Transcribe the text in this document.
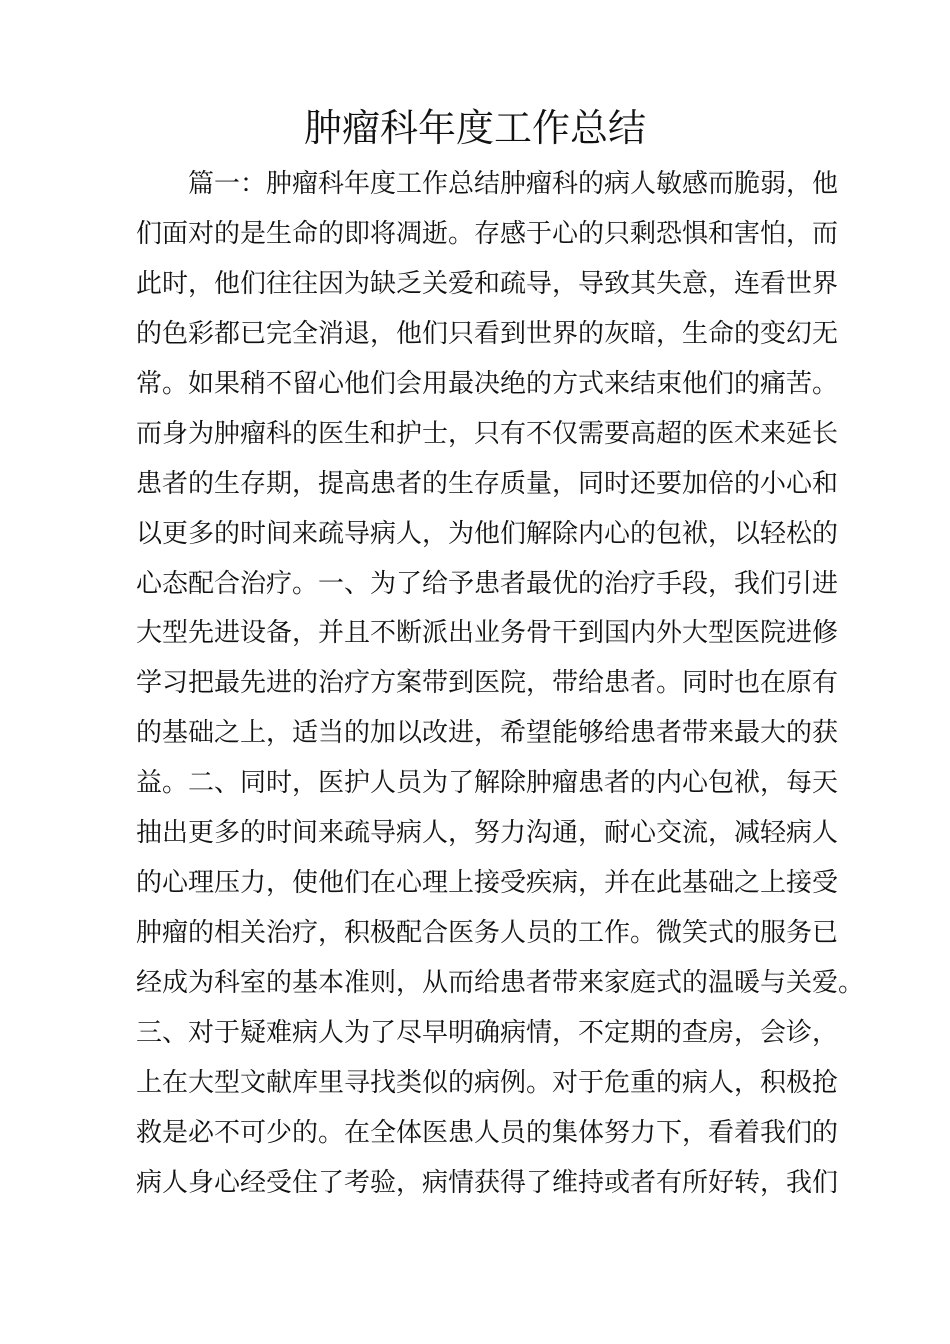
肿瘤科年度工作总结
篇一：肿瘤科年度工作总结肿瘤科的病人敏感而脆弱，他
们面对的是生命的即将凋逝。存感于心的只剩恐惧和害怕，而
此时，他们往往因为缺乏关爱和疏导，导致其失意，连看世界
的色彩都已完全消退，他们只看到世界的灰暗，生命的变幻无
常。如果稍不留心他们会用最决绝的方式来结束他们的痛苦。
而身为肿瘤科的医生和护士，只有不仅需要高超的医术来延长
患者的生存期，提高患者的生存质量，同时还要加倍的小心和
以更多的时间来疏导病人，为他们解除内心的包袱，以轻松的
心态配合治疗。一、为了给予患者最优的治疗手段，我们引进
大型先进设备，并且不断派出业务骨干到国内外大型医院进修
学习把最先进的治疗方案带到医院，带给患者。同时也在原有
的基础之上，适当的加以改进，希望能够给患者带来最大的获
益。二、同时，医护人员为了解除肿瘤患者的内心包袱，每天
抽出更多的时间来疏导病人，努力沟通，耐心交流，减轻病人
的心理压力，使他们在心理上接受疾病，并在此基础之上接受
肿瘤的相关治疗，积极配合医务人员的工作。微笑式的服务已
经成为科室的基本准则，从而给患者带来家庭式的温暖与关爱。
三、对于疑难病人为了尽早明确病情，不定期的查房，会诊，
上在大型文献库里寻找类似的病例。对于危重的病人，积极抢
救是必不可少的。在全体医患人员的集体努力下，看着我们的
病人身心经受住了考验，病情获得了维持或者有所好转，我们
